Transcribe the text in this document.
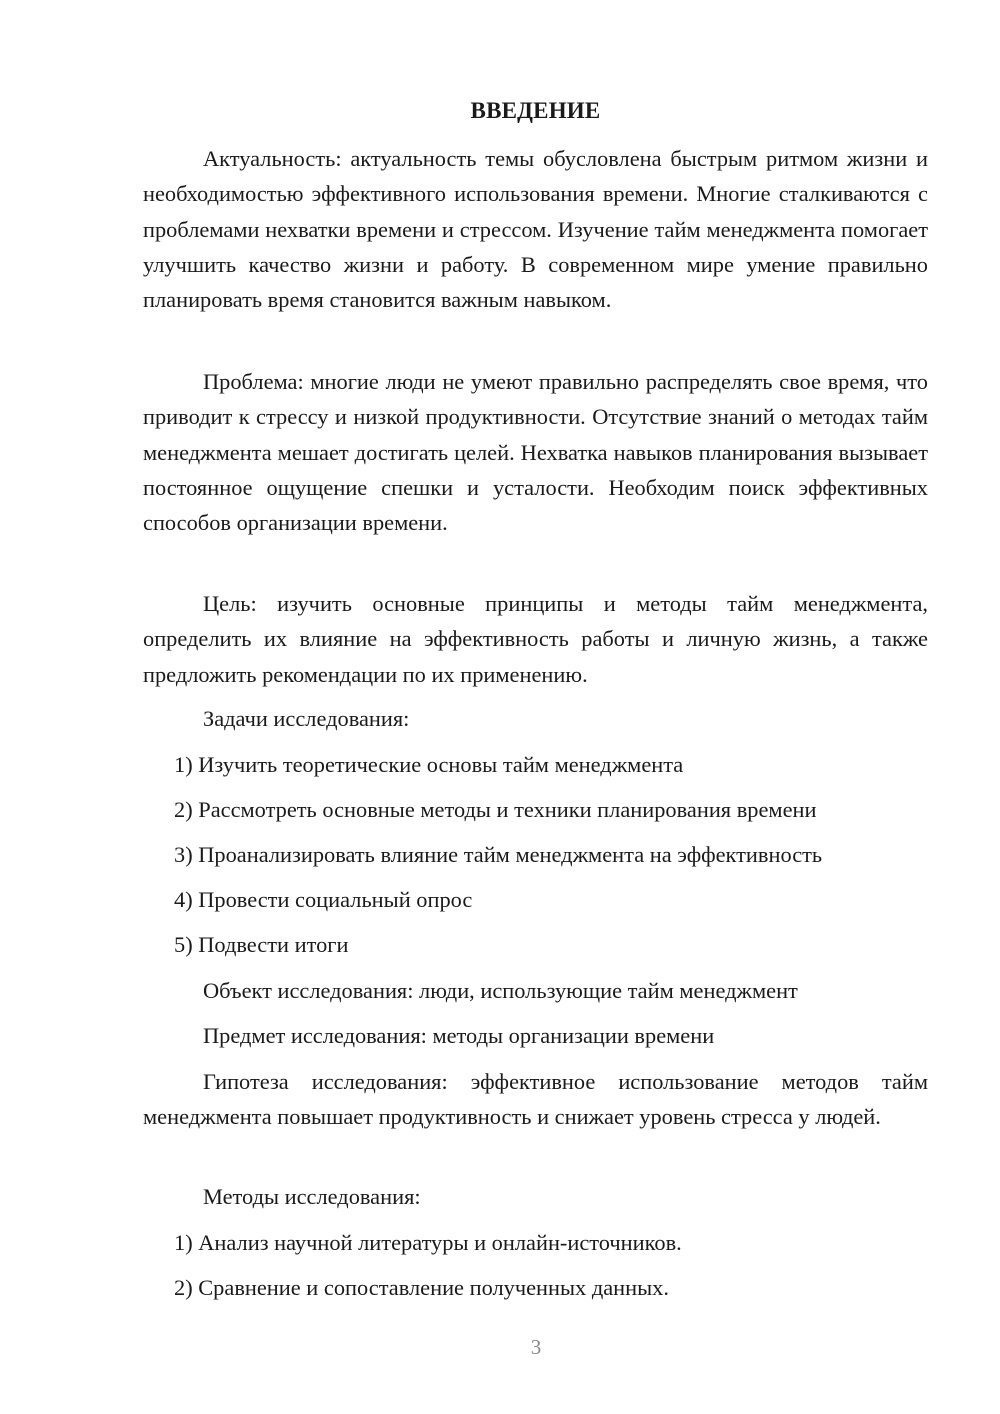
ВВЕДЕНИЕ

Актуальность: актуальность темы обусловлена быстрым ритмом жизни и необходимостью эффективного использования времени. Многие сталкиваются с проблемами нехватки времени и стрессом. Изучение тайм менеджмента помогает улучшить качество жизни и работу. В современном мире умение правильно планировать время становится важным навыком.

Проблема: многие люди не умеют правильно распределять свое время, что приводит к стрессу и низкой продуктивности. Отсутствие знаний о методах тайм менеджмента мешает достигать целей. Нехватка навыков планирования вызывает постоянное ощущение спешки и усталости. Необходим поиск эффективных способов организации времени.

Цель: изучить основные принципы и методы тайм менеджмента, определить их влияние на эффективность работы и личную жизнь, а также предложить рекомендации по их применению.

Задачи исследования:

1) Изучить теоретические основы тайм менеджмента

2) Рассмотреть основные методы и техники планирования времени

3) Проанализировать влияние тайм менеджмента на эффективность

4) Провести социальный опрос

5) Подвести итоги

Объект исследования: люди, использующие тайм менеджмент

Предмет исследования: методы организации времени

Гипотеза исследования: эффективное использование методов тайм менеджмента повышает продуктивность и снижает уровень стресса у людей.

Методы исследования:

1) Анализ научной литературы и онлайн-источников.

2) Сравнение и сопоставление полученных данных.

3
